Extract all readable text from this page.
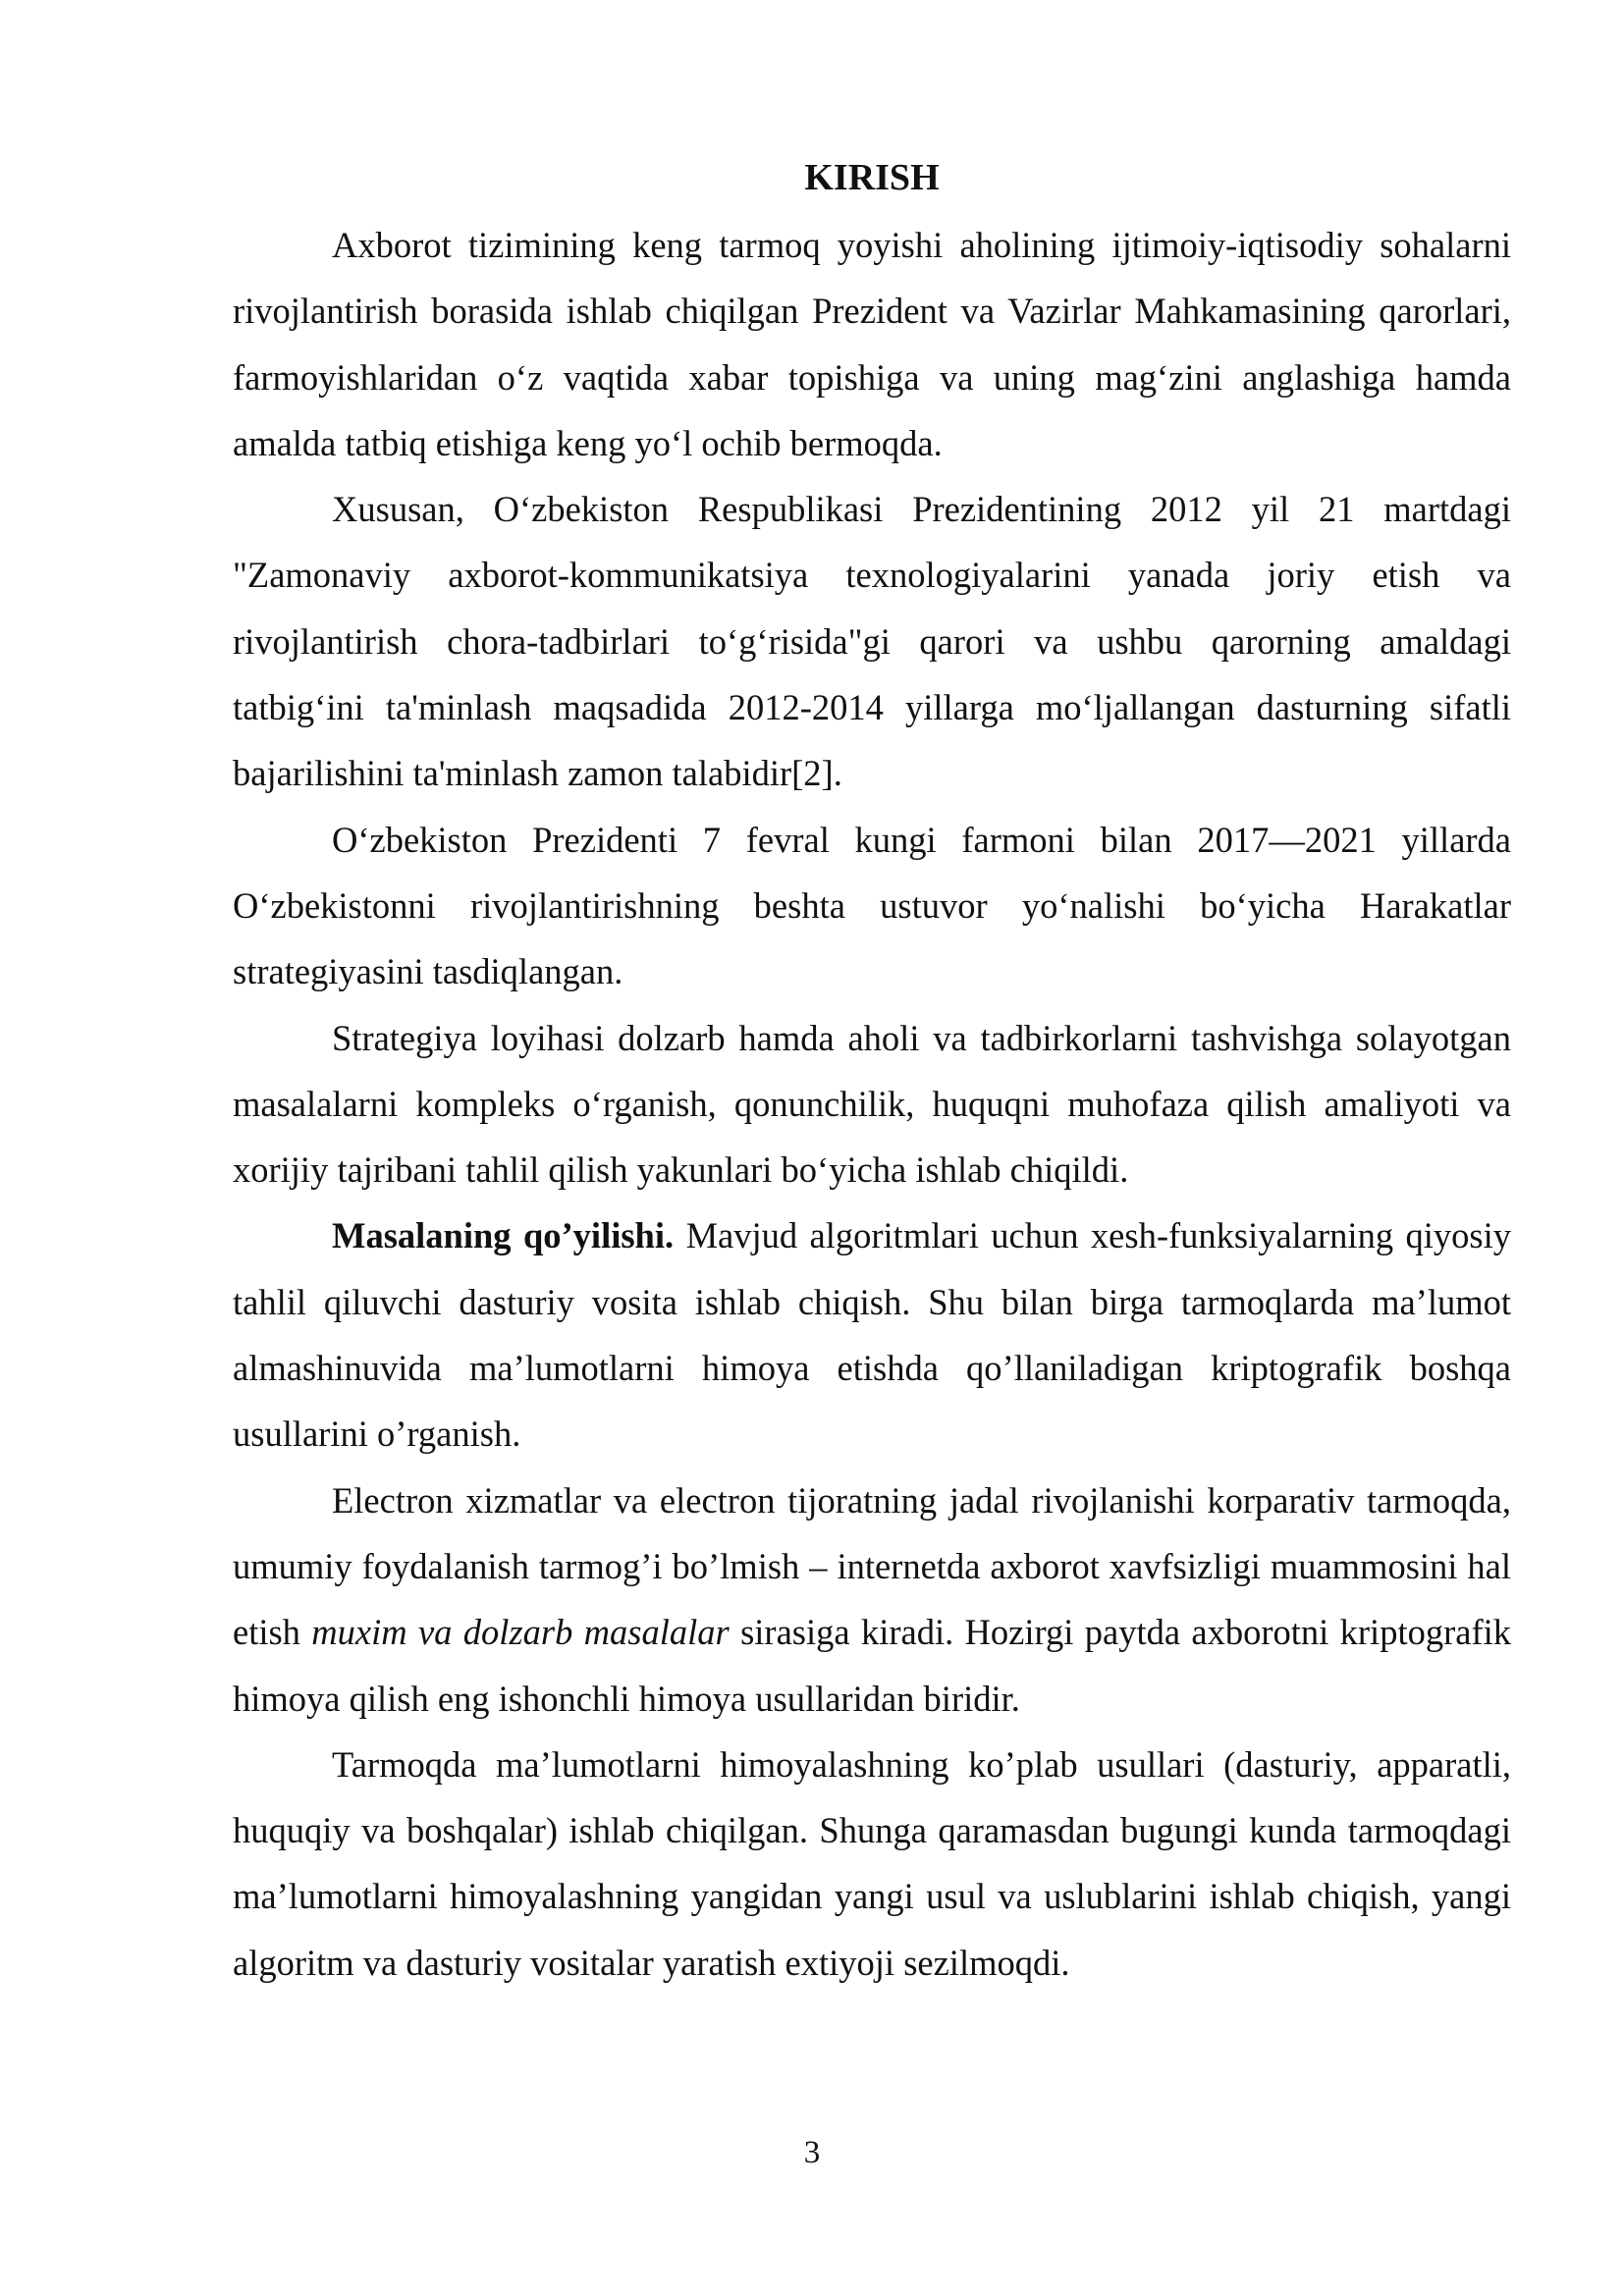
KIRISH

Axborot tizimining keng tarmoq yoyishi aholining ijtimoiy-iqtisodiy sohalarni rivojlantirish borasida ishlab chiqilgan Prezident va Vazirlar Mahkamasining qarorlari, farmoyishlaridan oʻz vaqtida xabar topishiga va uning magʻzini anglashiga hamda amalda tatbiq etishiga keng yoʻl ochib bermoqda.

Xususan, Oʻzbekiston Respublikasi Prezidentining 2012 yil 21 martdagi "Zamonaviy axborot-kommunikatsiya texnologiyalarini yanada joriy etish va rivojlantirish chora-tadbirlari toʻgʻrisida"gi qarori va ushbu qarorning amaldagi tatbigʻini ta'minlash maqsadida 2012-2014 yillarga moʻljallangan dasturning sifatli bajarilishini ta'minlash zamon talabidir[2].

Oʻzbekiston Prezidenti 7 fevral kungi farmoni bilan 2017—2021 yillarda Oʻzbekistonni rivojlantirishning beshta ustuvor yoʻnalishi boʻyicha Harakatlar strategiyasini tasdiqlangan.

Strategiya loyihasi dolzarb hamda aholi va tadbirkorlarni tashvishga solayotgan masalalarni kompleks oʻrganish, qonunchilik, huquqni muhofaza qilish amaliyoti va xorijiy tajribani tahlil qilish yakunlari boʻyicha ishlab chiqildi.

Masalaning qo’yilishi. Mavjud algoritmlari uchun xesh-funksiyalarning qiyosiy tahlil qiluvchi dasturiy vosita ishlab chiqish. Shu bilan birga tarmoqlarda ma’lumot almashinuvida ma’lumotlarni himoya etishda qo’llaniladigan kriptografik boshqa usullarini o’rganish.

Electron xizmatlar va electron tijoratning jadal rivojlanishi korparativ tarmoqda, umumiy foydalanish tarmog’i bo’lmish – internetda axborot xavfsizligi muammosini hal etish muxim va dolzarb masalalar sirasiga kiradi. Hozirgi paytda axborotni kriptografik himoya qilish eng ishonchli himoya usullaridan biridir.

Tarmoqda ma’lumotlarni himoyalashning ko’plab usullari (dasturiy, apparatli, huquqiy va boshqalar) ishlab chiqilgan. Shunga qaramasdan bugungi kunda tarmoqdagi ma’lumotlarni himoyalashning yangidan yangi usul va uslublarini ishlab chiqish, yangi algoritm va dasturiy vositalar yaratish extiyoji sezilmoqdi.

3
